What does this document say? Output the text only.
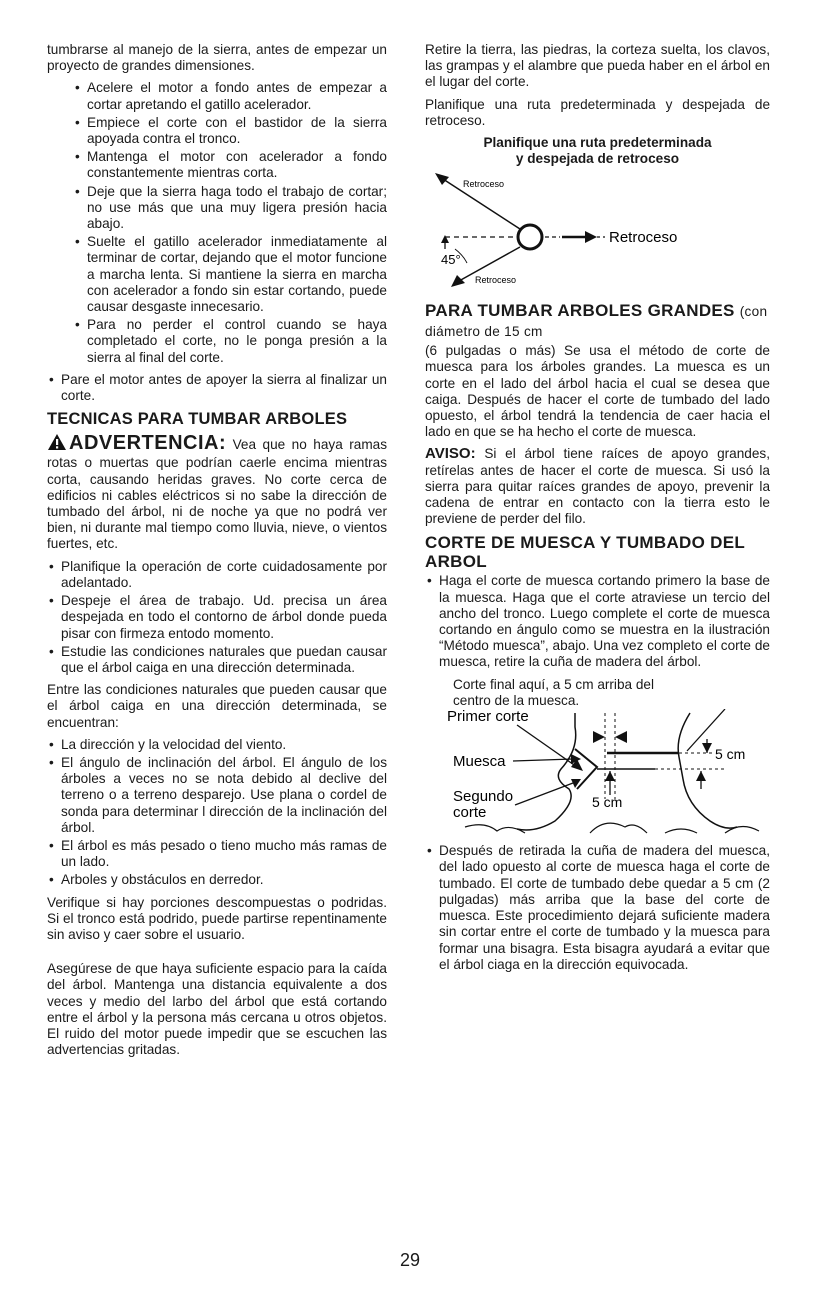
tumbrarse al manejo de la sierra, antes de empezar un proyecto de grandes dimensiones.

• Acelere el motor a fondo antes de empezar a cortar apretando el gatillo acelerador.
• Empiece el corte con el bastidor de la sierra apoyada contra el tronco.
• Mantenga el motor con acelerador a fondo constantemente mientras corta.
• Deje que la sierra haga todo el trabajo de cortar; no use más que una muy ligera presión hacia abajo.
• Suelte el gatillo acelerador inmediatamente al terminar de cortar, dejando que el motor funcione a marcha lenta. Si mantiene la sierra en marcha con acelerador a fondo sin estar cortando, puede causar desgaste innecesario.
• Para no perder el control cuando se haya completado el corte, no le ponga presión a la sierra al final del corte.
• Pare el motor antes de apoyer la sierra al finalizar un corte.
TECNICAS PARA TUMBAR ARBOLES

ADVERTENCIA: Vea que no haya ramas rotas o muertas que podrían caerle encima mientras corta, causando heridas graves. No corte cerca de edificios ni cables eléctricos si no sabe la dirección de tumbado del árbol, ni de noche ya que no podrá ver bien, ni durante mal tiempo como lluvia, nieve, o vientos fuertes, etc.

• Planifique la operación de corte cuidadosamente por adelantado.
• Despeje el área de trabajo. Ud. precisa un área despejada en todo el contorno de árbol donde pueda pisar con firmeza entodo momento.
• Estudie las condiciones naturales que puedan causar que el árbol caiga en una dirección determinada.

Entre las condiciones naturales que pueden causar que el árbol caiga en una dirección determinada, se encuentran:

• La dirección y la velocidad del viento.
• El ángulo de inclinación del árbol. El ángulo de los árboles a veces no se nota debido al declive del terreno o a terreno desparejo. Use plana o cordel de sonda para determinar l dirección de la inclinación del árbol.
• El árbol es más pesado o tieno mucho más ramas de un lado.
• Arboles y obstáculos en derredor.

Verifique si hay porciones descompuestas o podridas. Si el tronco está podrido, puede partirse repentinamente sin aviso y caer sobre el usuario.

Asegúrese de que haya suficiente espacio para la caída del árbol. Mantenga una distancia equivalente a dos veces y medio del larbo del árbol que está cortando entre el árbol y la persona más cercana u otros objetos. El ruido del motor puede impedir que se escuchen las advertencias gritadas.

Retire la tierra, las piedras, la corteza suelta, los clavos, las grampas y el alambre que pueda haber en el árbol en el lugar del corte.

Planifique una ruta predeterminada y despejada de retroceso.

Planifique una ruta predeterminada
y despejada de retroceso
Retroceso
Retroceso
45°
Retroceso
PARA TUMBAR ARBOLES GRANDES (con diámetro de 15 cm

(6 pulgadas o más) Se usa el método de corte de muesca para los árboles grandes. La muesca es un corte en el lado del árbol hacia el cual se desea que caiga. Después de hacer el corte de tumbado del lado opuesto, el árbol tendrá la tendencia de caer hacia el lado en que se ha hecho el corte de muesca.

AVISO: Si el árbol tiene raíces de apoyo grandes, retírelas antes de hacer el corte de muesca. Si usó la sierra para quitar raíces grandes de apoyo, prevenir la cadena de entrar en contacto con la tierra esto le previene de perder del filo.

CORTE DE MUESCA Y TUMBADO DEL ARBOL
• Haga el corte de muesca cortando primero la base de la muesca. Haga que el corte atraviese un tercio del ancho del tronco. Luego complete el corte de muesca cortando en ángulo como se muestra en la ilustración “Método muesca”, abajo. Una vez completo el corte de muesca, retire la cuña de madera del árbol.
Corte final aquí, a 5 cm arriba del
centro de la muesca.
Primer corte
Muesca
Segundo
corte
5 cm
5 cm
• Después de retirada la cuña de madera del muesca, del lado opuesto al corte de muesca haga el corte de tumbado. El corte de tumbado debe quedar a 5 cm (2 pulgadas) más arriba que la base del corte de muesca. Este procedimiento dejará suficiente madera sin cortar entre el corte de tumbado y la muesca para formar una bisagra. Esta bisagra ayudará a evitar que el árbol ciaga en la dirección equivocada.
29
